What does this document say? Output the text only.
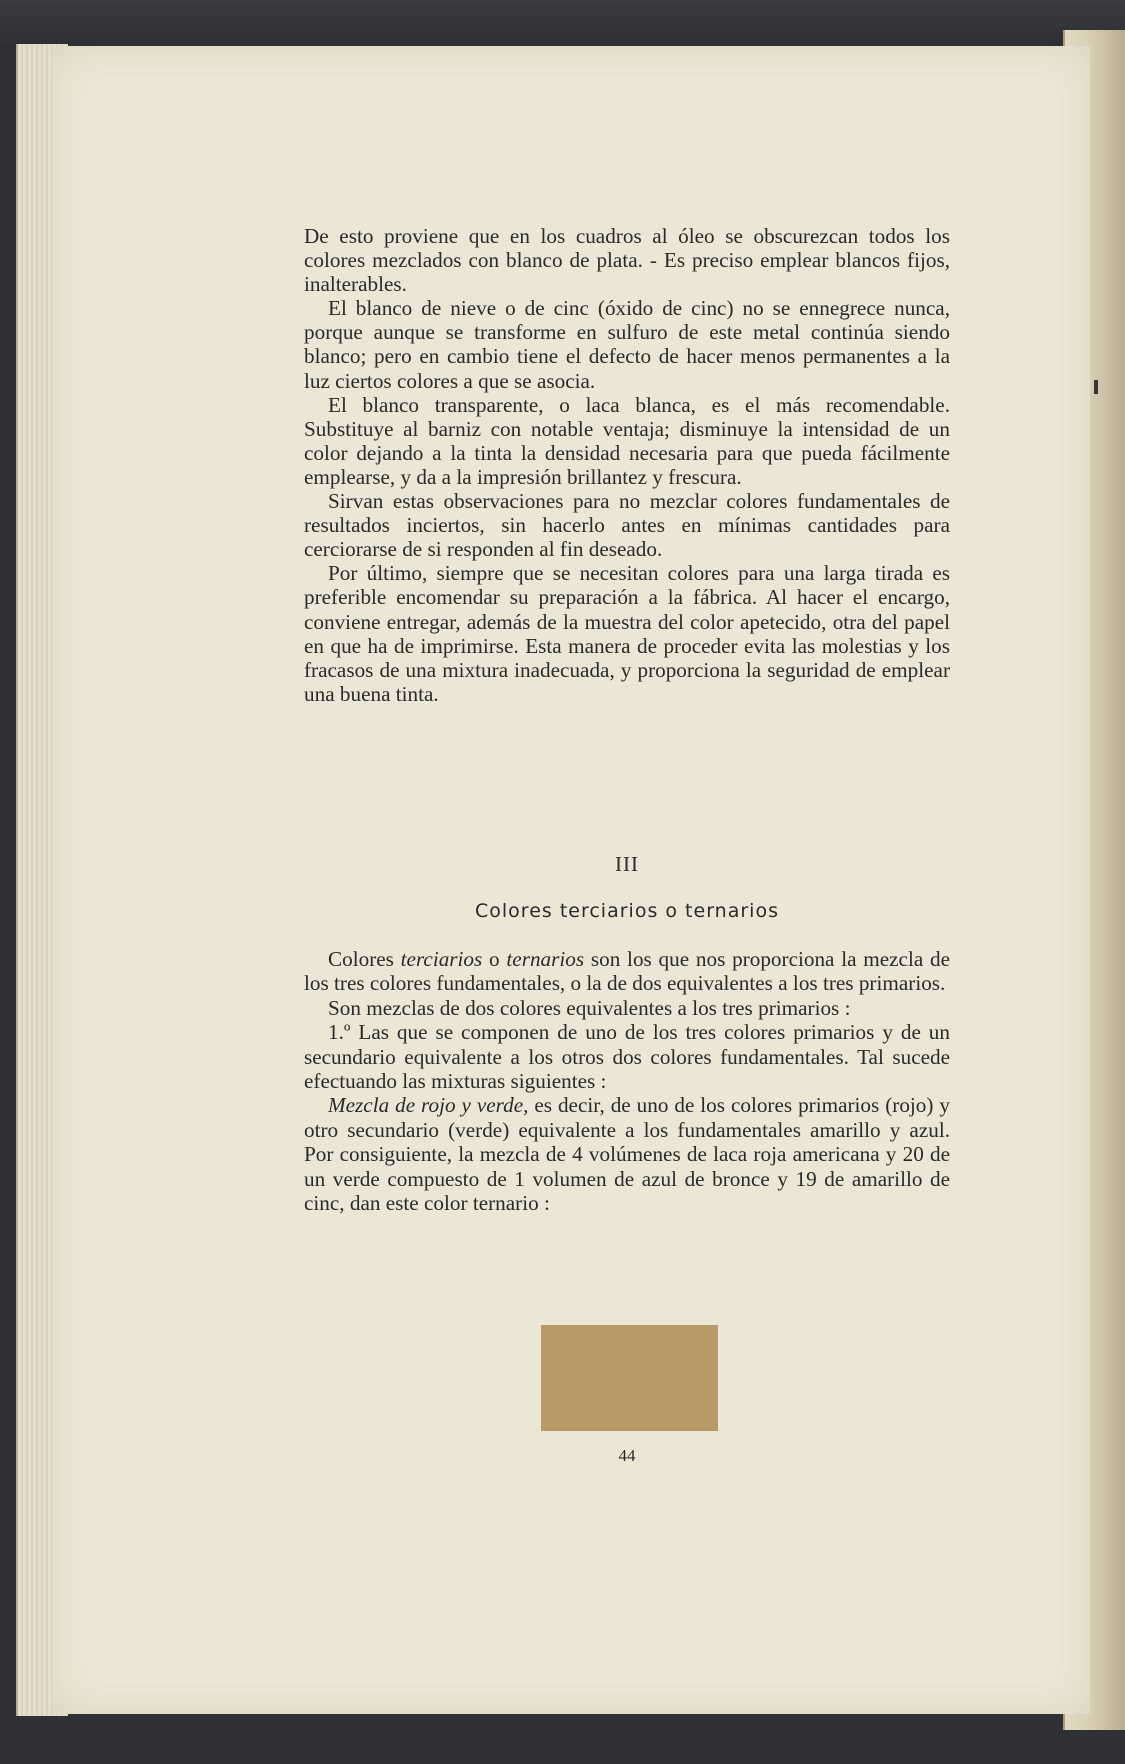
De esto proviene que en los cuadros al óleo se obscurezcan todos los colores mezclados con blanco de plata. - Es preciso emplear blancos fijos, inalterables.

El blanco de nieve o de cinc (óxido de cinc) no se ennegrece nunca, porque aunque se transforme en sulfuro de este metal continúa siendo blanco; pero en cambio tiene el defecto de hacer menos permanentes a la luz ciertos colores a que se asocia.

El blanco transparente, o laca blanca, es el más recomendable. Substituye al barniz con notable ventaja; disminuye la intensidad de un color dejando a la tinta la densidad necesaria para que pueda fácilmente emplearse, y da a la impresión brillantez y frescura.

Sirvan estas observaciones para no mezclar colores fundamentales de resultados inciertos, sin hacerlo antes en mínimas cantidades para cerciorarse de si responden al fin deseado.

Por último, siempre que se necesitan colores para una larga tirada es preferible encomendar su preparación a la fábrica. Al hacer el encargo, conviene entregar, además de la muestra del color apetecido, otra del papel en que ha de imprimirse. Esta manera de proceder evita las molestias y los fracasos de una mixtura inadecuada, y proporciona la seguridad de emplear una buena tinta.

III
Colores terciarios o ternarios

Colores terciarios o ternarios son los que nos proporciona la mezcla de los tres colores fundamentales, o la de dos equivalentes a los tres primarios.

Son mezclas de dos colores equivalentes a los tres primarios :

1.º Las que se componen de uno de los tres colores primarios y de un secundario equivalente a los otros dos colores fundamentales. Tal sucede efectuando las mixturas siguientes :

Mezcla de rojo y verde, es decir, de uno de los colores primarios (rojo) y otro secundario (verde) equivalente a los fundamentales amarillo y azul. Por consiguiente, la mezcla de 4 volúmenes de laca roja americana y 20 de un verde compuesto de 1 volumen de azul de bronce y 19 de amarillo de cinc, dan este color ternario :

44
